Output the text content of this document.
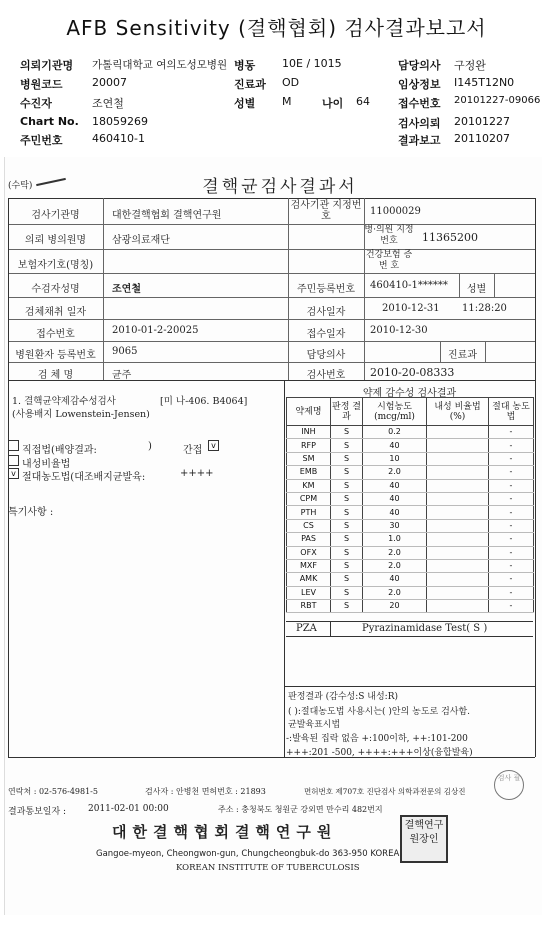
AFB Sensitivity (결핵협회) 검사결과보고서
의뢰기관명 가톨릭대학교 여의도성모병원 병동 10E / 1015	담당의사 구정완
병원코드	20007	진료과 OD	임상정보 I145T12N0
수진자	조연철	성별 M	나이 64	접수번호 20101227-09066
Chart No. 18059269	검사의뢰 20101227
주민번호	460410-1	결과보고 20110207
(수탁)	결핵균검사결과서
검사기관명	대한결핵협회 결핵연구원
검사기관 지정번호	11000029
의뢰 병의원명	삼광의료재단
병·의원 지정번호	11365200
보험자기호(명칭)
건강보험 증 번 호
수검자성명	조연철	주민등록번호	460410-1******	성별
검체채취 일자	검사일자	2010-12-31 11:28:20
접수번호	2010-01-2-20025	접수일자	2010-12-30
병원환자 등록번호	9065	담당의사	진료과
검 체 명	균주	검사번호	2010-20-08333
1. 결핵균약제감수성검사	[미 나-406. B4064]
(사용배지 Lowenstein-Jensen)
직접법(배양결과:	)	간접	v
내성비율법
v 절대농도법(대조배지균발육:	++++
특기사항 :
약제 감수성 검사결과
약제명	판정 결과	시험농도 (mcg/ml)	내성 비율법(%)	절대 농도법
INH	S	0.2		-
RFP	S	40		-
SM	S	10		-
EMB	S	2.0		-
KM	S	40		-
CPM	S	40		-
PTH	S	40		-
CS	S	30		-
PAS	S	1.0		-
OFX	S	2.0		-
MXF	S	2.0		-
AMK	S	40		-
LEV	S	2.0		-
RBT	S	20		-
PZA	Pyrazinamidase Test( S )
판정결과 (감수성:S 내성:R)
( ):절대농도법 사용시는( )안의 농도로 검사함.
균발육표시법
-:발육된 집락 없음 +:100이하, ++:101-200
+++:201 -500, ++++:+++이상(융합발육)
연락처 : 02-576-4981-5	검사자 : 안병천 면허번호 : 21893	면허번호 제707호 진단검사 의학과전문의 김상진
검사 필
결과통보일자 : 2011-02-01 00:00	주소 : 충청북도 청원군 강외면 만수리 482번지
대한결핵협회결핵연구원	결핵연구원장인
Gangoe-myeon, Cheongwon-gun, Chungcheongbuk-do 363-950 KOREA
KOREAN INSTITUTE OF TUBERCULOSIS
